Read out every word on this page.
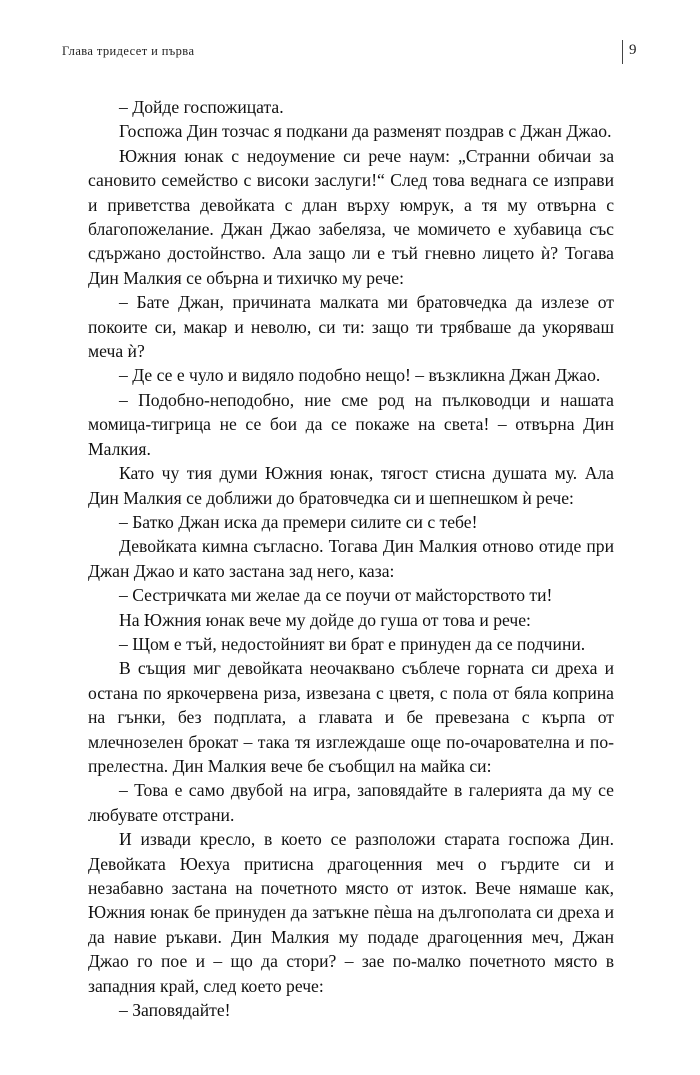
Глава тридесет и първа	9

– Дойде госпожицата.

Госпожа Дин тозчас я подкани да разменят поздрав с Джан Джао.

Южния юнак с недоумение си рече наум: „Странни обичаи за сановито семейство с високи заслуги!“ След това веднага се изправи и приветства девойката с длан върху юмрук, а тя му отвърна с благопожелание. Джан Джао забеляза, че момичето е хубавица със сдържано достойнство. Ала защо ли е тъй гневно лицето ѝ? Тогава Дин Малкия се обърна и тихичко му рече:

– Бате Джан, причината малката ми братовчедка да излезе от покоите си, макар и неволю, си ти: защо ти трябваше да укоряваш меча ѝ?

– Де се е чуло и видяло подобно нещо! – възкликна Джан Джао.

– Подобно-неподобно, ние сме род на пълководци и нашата момица-тигрица не се бои да се покаже на света! – отвърна Дин Малкия.

Като чу тия думи Южния юнак, тягост стисна душата му. Ала Дин Малкия се доближи до братовчедка си и шепнешком ѝ рече:

– Батко Джан иска да премери силите си с тебе!

Девойката кимна съгласно. Тогава Дин Малкия отново отиде при Джан Джао и като застана зад него, каза:

– Сестричката ми желае да се поучи от майсторството ти!

На Южния юнак вече му дойде до гуша от това и рече:

– Щом е тъй, недостойният ви брат е принуден да се подчини.

В същия миг девойката неочаквано съблече горната си дреха и остана по яркочервена риза, извезана с цветя, с пола от бяла коприна на гънки, без подплата, а главата и бе превезана с кърпа от млечнозелен брокат – така тя изглеждаше още по-очарователна и по-прелестна. Дин Малкия вече бе съобщил на майка си:

– Това е само двубой на игра, заповядайте в галерията да му се любувате отстрани.

И извади кресло, в което се разположи старата госпожа Дин. Девойката Юехуа притисна драгоценния меч о гърдите си и незабавно застана на почетното място от изток. Вече нямаше как, Южния юнак бе принуден да затъкне пѐша на дългополата си дреха и да навие ръкави. Дин Малкия му подаде драгоценния меч, Джан Джао го пое и – що да стори? – зае по-малко почетното място в западния край, след което рече:

– Заповядайте!
